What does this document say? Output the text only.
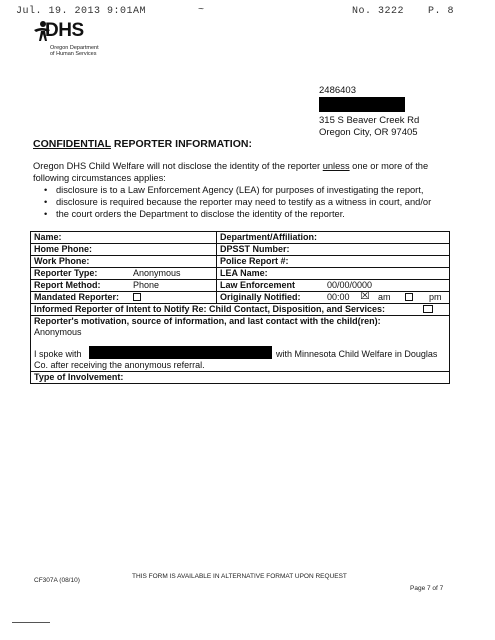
Jul. 19. 2013 9:01AM	~	No. 3222 P. 8
DHS
Oregon Department
of Human Services
2486403
315 S Beaver Creek Rd
Oregon City, OR 97405
CONFIDENTIAL REPORTER INFORMATION:
Oregon DHS Child Welfare will not disclose the identity of the reporter unless one or more of the following circumstances applies:
• disclosure is to a Law Enforcement Agency (LEA) for purposes of investigating the report,
• disclosure is required because the reporter may need to testify as a witness in court, and/or
• the court orders the Department to disclose the identity of the reporter.
Name:	Department/Affiliation:
Home Phone:	DPSST Number:
Work Phone:	Police Report #:
Reporter Type:	Anonymous	LEA Name:
Report Method:	Phone	Law Enforcement	00/00/0000
Mandated Reporter:	Originally Notified:	00:00 ☒ am	pm
Informed Reporter of Intent to Notify Re: Child Contact, Disposition, and Services:
Reporter's motivation, source of information, and last contact with the child(ren):
Anonymous
I spoke with	with Minnesota Child Welfare in Douglas
Co. after receiving the anonymous referral.
Type of Involvement:
CF307A (08/10)
THIS FORM IS AVAILABLE IN ALTERNATIVE FORMAT UPON REQUEST
Page 7 of 7
